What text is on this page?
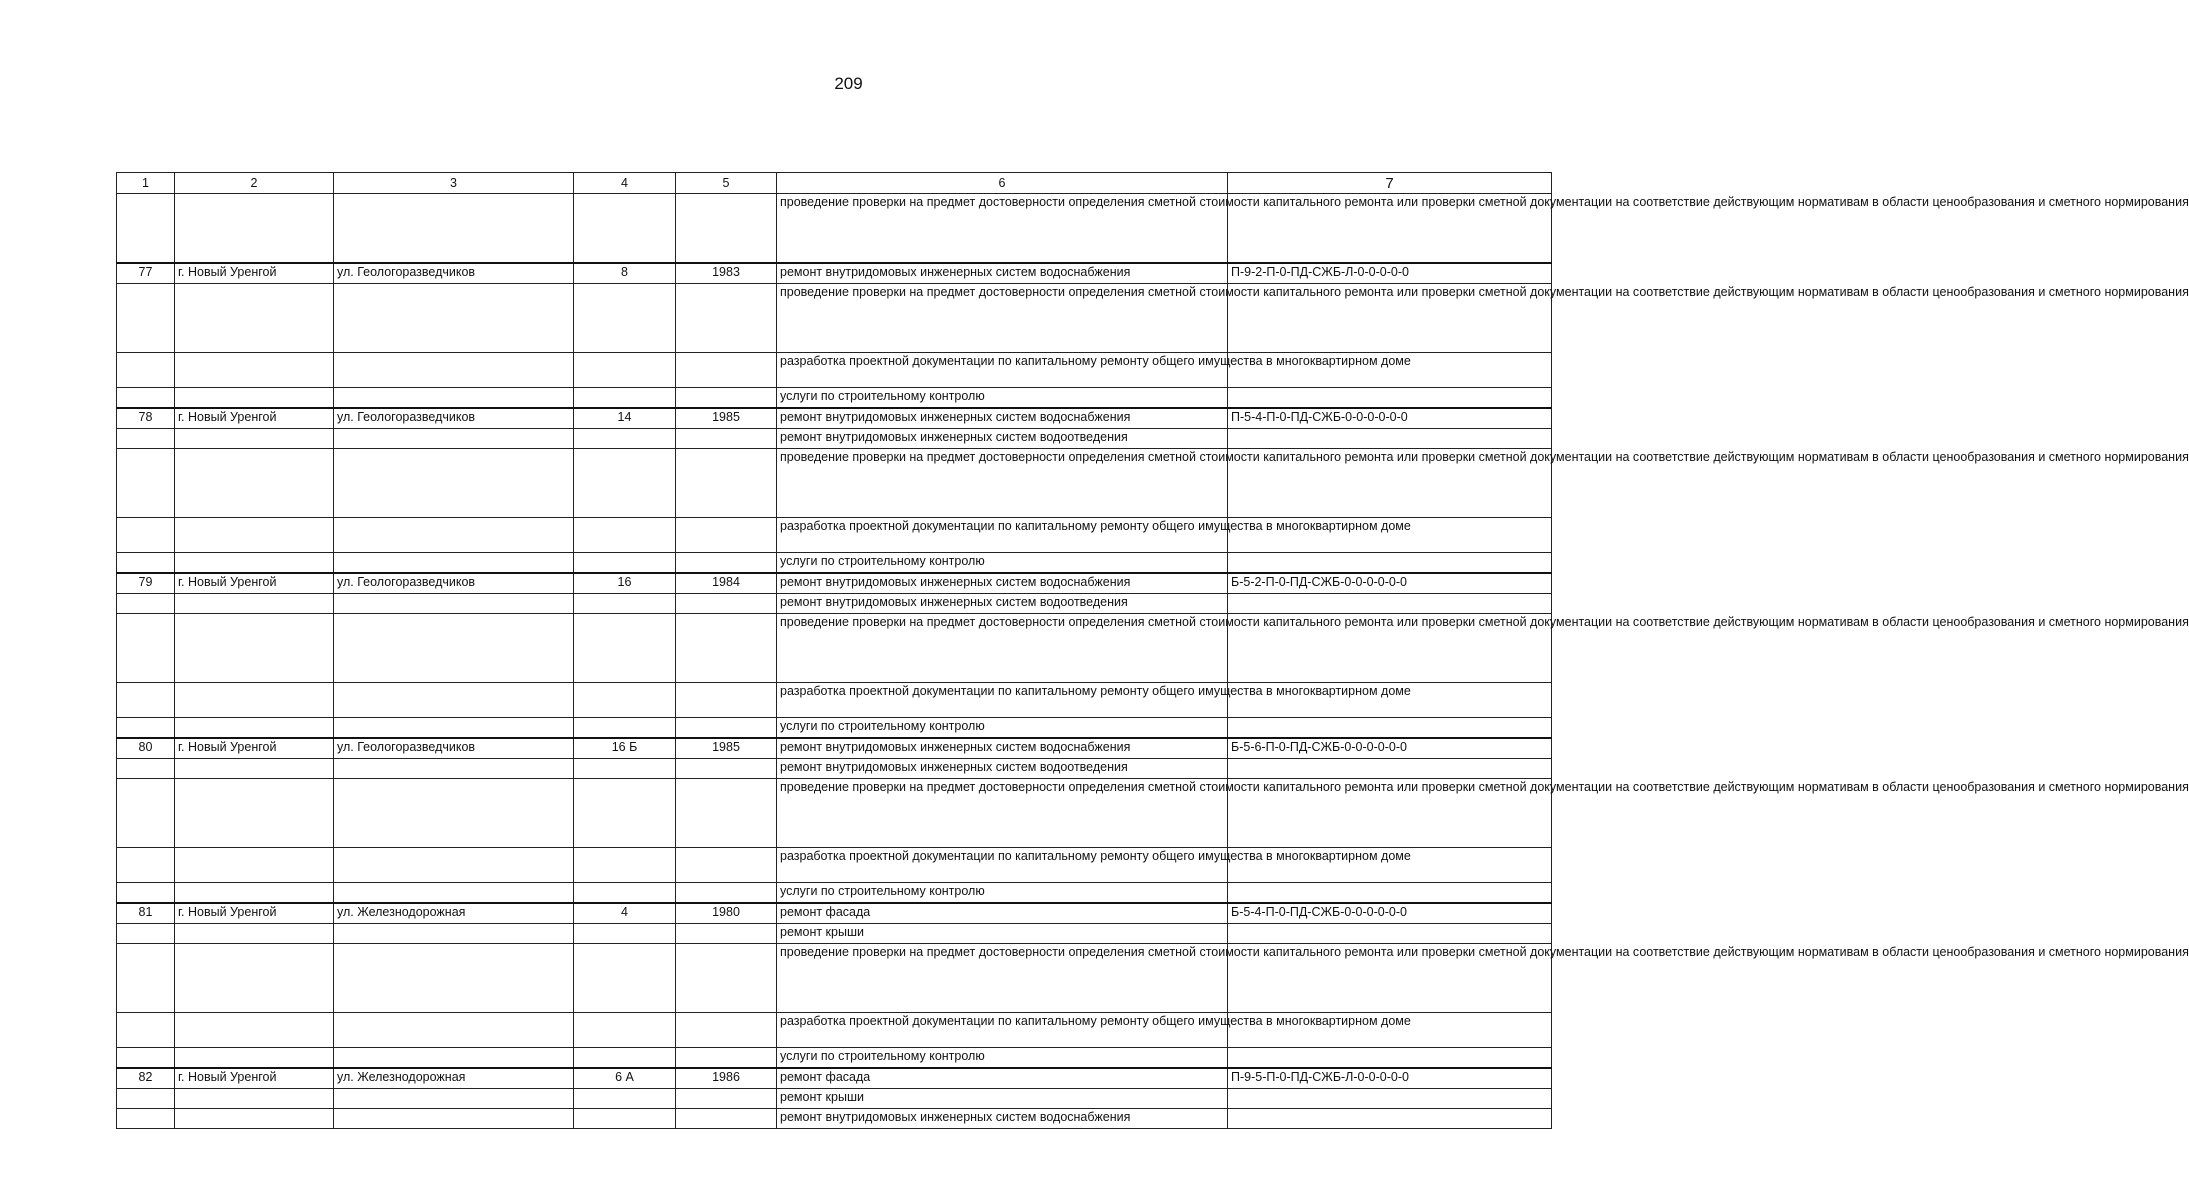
209
1	2	3	4	5	6	7
					проведение проверки на предмет достоверности определения сметной стоимости капитального ремонта или проверки сметной документации на соответствие действующим нормативам в области ценообразования и сметного нормирования	
77	г. Новый Уренгой	ул. Геологоразведчиков	8	1983	ремонт внутридомовых инженерных систем водоснабжения	П-9-2-П-0-ПД-СЖБ-Л-0-0-0-0-0
					проведение проверки на предмет достоверности определения сметной стоимости капитального ремонта или проверки сметной документации на соответствие действующим нормативам в области ценообразования и сметного нормирования	
					разработка проектной документации по капитальному ремонту общего имущества в многоквартирном доме	
					услуги по строительному контролю	
78	г. Новый Уренгой	ул. Геологоразведчиков	14	1985	ремонт внутридомовых инженерных систем водоснабжения	П-5-4-П-0-ПД-СЖБ-0-0-0-0-0-0
					ремонт внутридомовых инженерных систем водоотведения	
					проведение проверки на предмет достоверности определения сметной стоимости капитального ремонта или проверки сметной документации на соответствие действующим нормативам в области ценообразования и сметного нормирования	
					разработка проектной документации по капитальному ремонту общего имущества в многоквартирном доме	
					услуги по строительному контролю	
79	г. Новый Уренгой	ул. Геологоразведчиков	16	1984	ремонт внутридомовых инженерных систем водоснабжения	Б-5-2-П-0-ПД-СЖБ-0-0-0-0-0-0
					ремонт внутридомовых инженерных систем водоотведения	
					проведение проверки на предмет достоверности определения сметной стоимости капитального ремонта или проверки сметной документации на соответствие действующим нормативам в области ценообразования и сметного нормирования	
					разработка проектной документации по капитальному ремонту общего имущества в многоквартирном доме	
					услуги по строительному контролю	
80	г. Новый Уренгой	ул. Геологоразведчиков	16 Б	1985	ремонт внутридомовых инженерных систем водоснабжения	Б-5-6-П-0-ПД-СЖБ-0-0-0-0-0-0
					ремонт внутридомовых инженерных систем водоотведения	
					проведение проверки на предмет достоверности определения сметной стоимости капитального ремонта или проверки сметной документации на соответствие действующим нормативам в области ценообразования и сметного нормирования	
					разработка проектной документации по капитальному ремонту общего имущества в многоквартирном доме	
					услуги по строительному контролю	
81	г. Новый Уренгой	ул. Железнодорожная	4	1980	ремонт фасада	Б-5-4-П-0-ПД-СЖБ-0-0-0-0-0-0
					ремонт крыши	
					проведение проверки на предмет достоверности определения сметной стоимости капитального ремонта или проверки сметной документации на соответствие действующим нормативам в области ценообразования и сметного нормирования	
					разработка проектной документации по капитальному ремонту общего имущества в многоквартирном доме	
					услуги по строительному контролю	
82	г. Новый Уренгой	ул. Железнодорожная	6 А	1986	ремонт фасада	П-9-5-П-0-ПД-СЖБ-Л-0-0-0-0-0
					ремонт крыши	
					ремонт внутридомовых инженерных систем водоснабжения	
